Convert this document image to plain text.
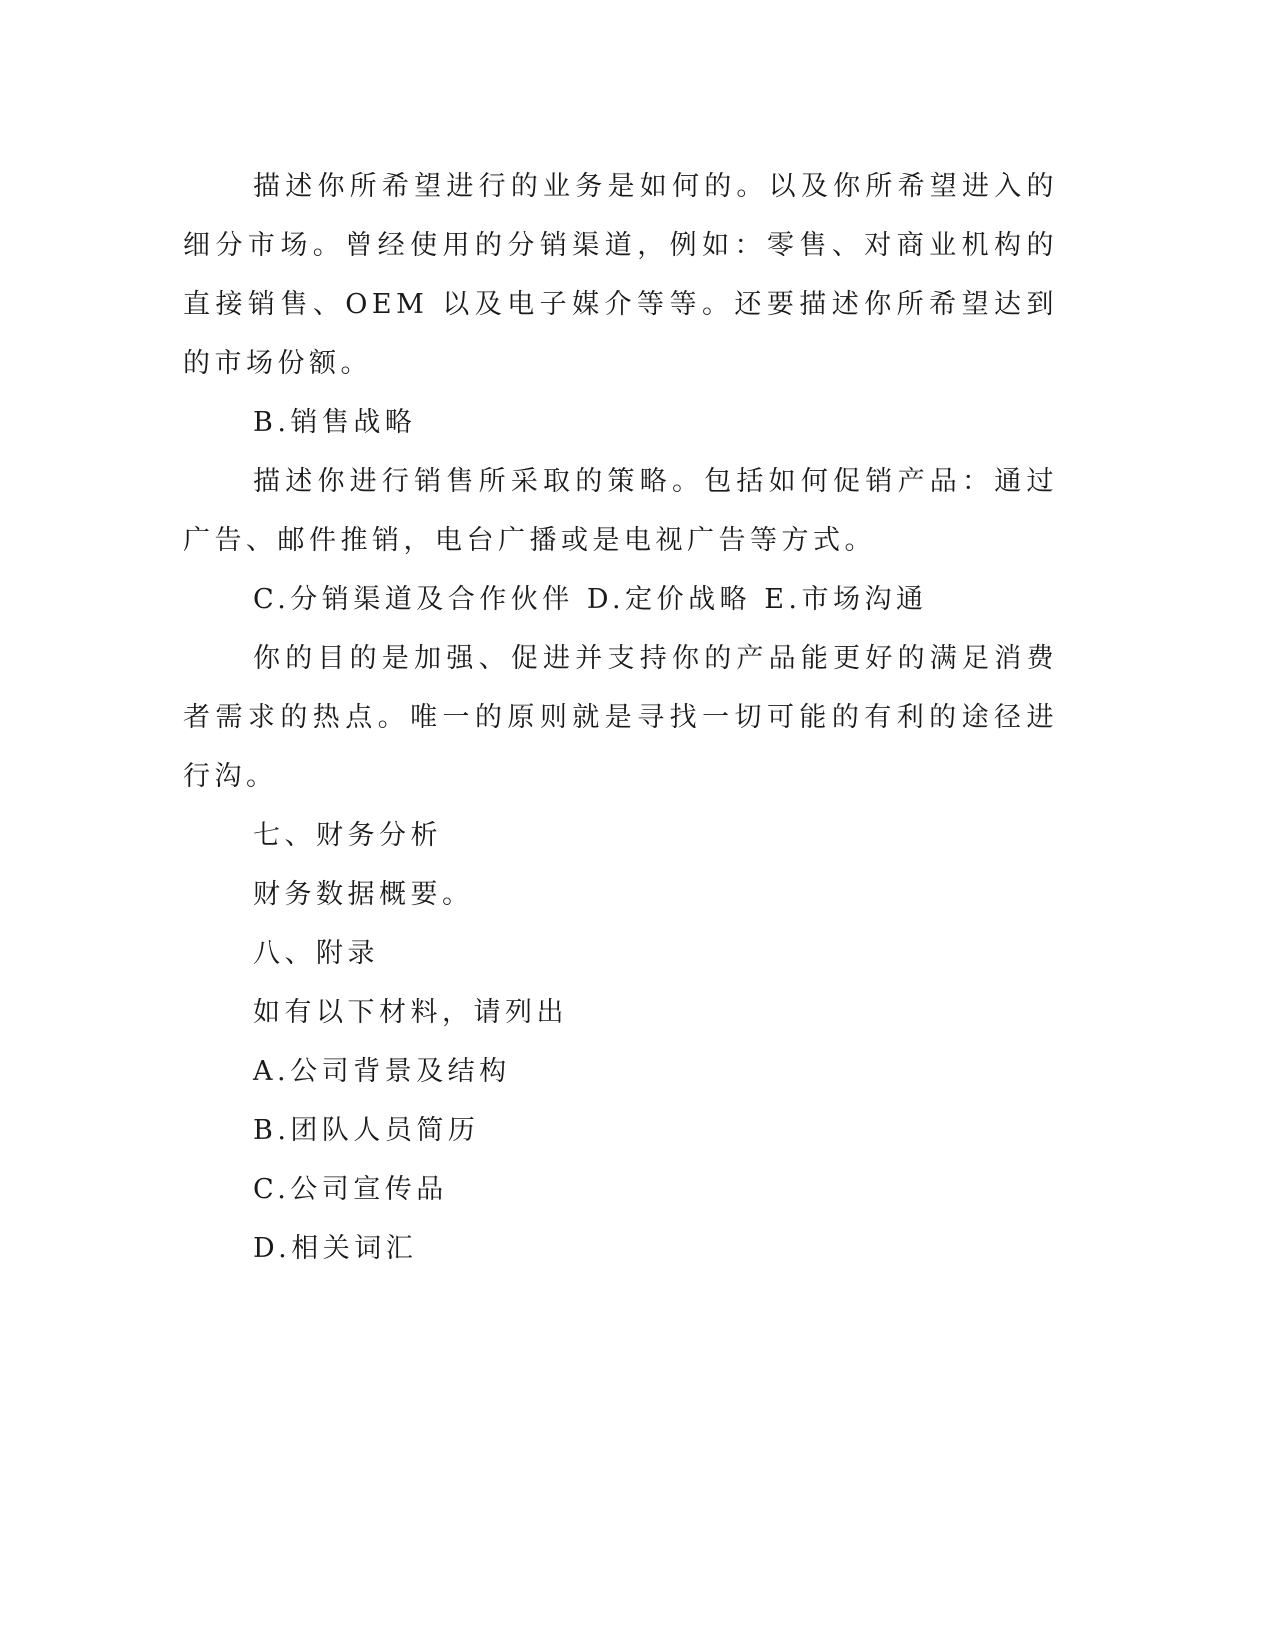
描述你所希望进行的业务是如何的。以及你所希望进入的细分市场。曾经使用的分销渠道，例如：零售、对商业机构的直接销售、OEM 以及电子媒介等等。还要描述你所希望达到的市场份额。

B.销售战略

描述你进行销售所采取的策略。包括如何促销产品：通过广告、邮件推销，电台广播或是电视广告等方式。

C.分销渠道及合作伙伴 D.定价战略 E.市场沟通

你的目的是加强、促进并支持你的产品能更好的满足消费者需求的热点。唯一的原则就是寻找一切可能的有利的途径进行沟。

七、财务分析

财务数据概要。

八、附录

如有以下材料，请列出

A.公司背景及结构

B.团队人员简历

C.公司宣传品

D.相关词汇
